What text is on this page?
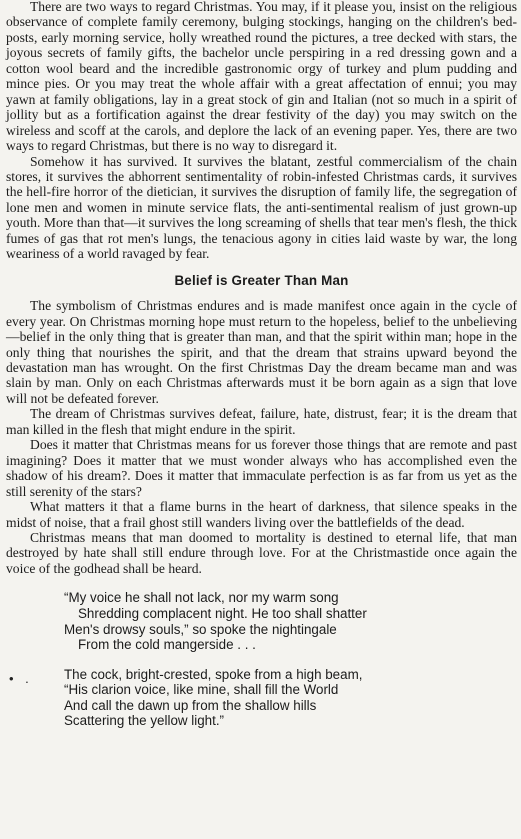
There are two ways to regard Christmas. You may, if it please you, insist on the religious observance of complete family ceremony, bulging stockings, hanging on the children's bed-posts, early morning service, holly wreathed round the pictures, a tree decked with stars, the joyous secrets of family gifts, the bachelor uncle perspiring in a red dressing gown and a cotton wool beard and the incredible gastronomic orgy of turkey and plum pudding and mince pies. Or you may treat the whole affair with a great affectation of ennui; you may yawn at family obligations, lay in a great stock of gin and Italian (not so much in a spirit of jollity but as a fortification against the drear festivity of the day) you may switch on the wireless and scoff at the carols, and deplore the lack of an evening paper. Yes, there are two ways to regard Christmas, but there is no way to disregard it.

Somehow it has survived. It survives the blatant, zestful commercialism of the chain stores, it survives the abhorrent sentimentality of robin-infested Christmas cards, it survives the hell-fire horror of the dietician, it survives the disruption of family life, the segregation of lone men and women in minute service flats, the anti-sentimental realism of just grown-up youth. More than that—it survives the long screaming of shells that tear men's flesh, the thick fumes of gas that rot men's lungs, the tenacious agony in cities laid waste by war, the long weariness of a world ravaged by fear.

Belief is Greater Than Man

The symbolism of Christmas endures and is made manifest once again in the cycle of every year. On Christmas morning hope must return to the hopeless, belief to the unbelieving—belief in the only thing that is greater than man, and that the spirit within man; hope in the only thing that nourishes the spirit, and that the dream that strains upward beyond the devastation man has wrought. On the first Christmas Day the dream became man and was slain by man. Only on each Christmas afterwards must it be born again as a sign that love will not be defeated forever.

The dream of Christmas survives defeat, failure, hate, distrust, fear; it is the dream that man killed in the flesh that might endure in the spirit.

Does it matter that Christmas means for us forever those things that are remote and past imagining? Does it matter that we must wonder always who has accomplished even the shadow of his dream?. Does it matter that immaculate perfection is as far from us yet as the still serenity of the stars?

What matters it that a flame burns in the heart of darkness, that silence speaks in the midst of noise, that a frail ghost still wanders living over the battlefields of the dead.

Christmas means that man doomed to mortality is destined to eternal life, that man destroyed by hate shall still endure through love. For at the Christmastide once again the voice of the godhead shall be heard.

“My voice he shall not lack, nor my warm song
Shredding complacent night. He too shall shatter
Men's drowsy souls,” so spoke the nightingale
From the cold mangerside . . .
• . The cock, bright-crested, spoke from a high beam,
“His clarion voice, like mine, shall fill the World
And call the dawn up from the shallow hills
Scattering the yellow light.”
